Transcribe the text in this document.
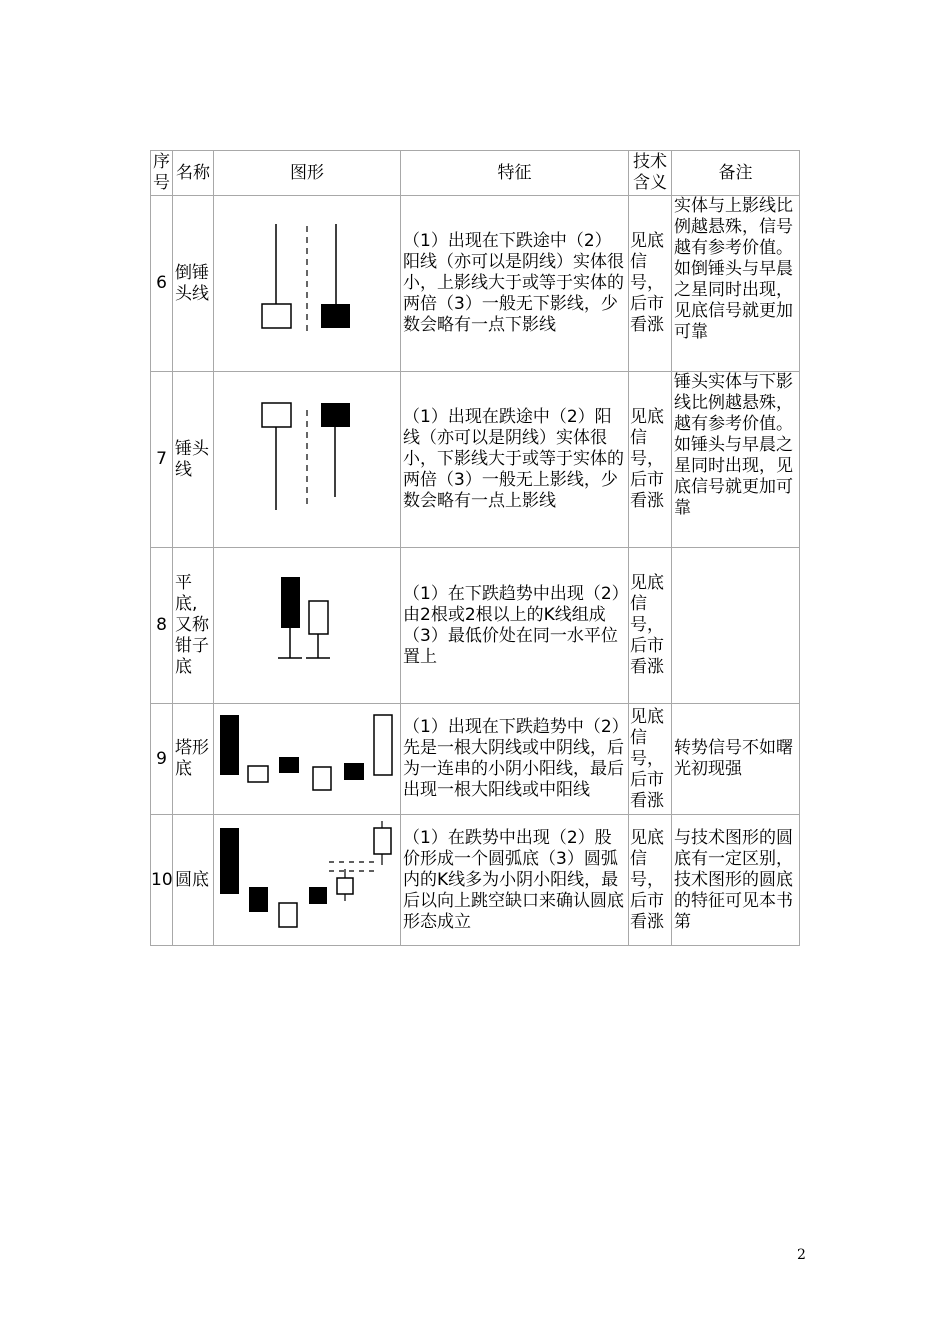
序号	名称	图形	特征	技术含义	备注
6	倒锤头线		（1）出现在下跌途中（2）阳线（亦可以是阴线）实体很小，上影线大于或等于实体的两倍（3）一般无下影线，少数会略有一点下影线	见底信号，后市看涨	实体与上影线比例越悬殊，信号越有参考价值。如倒锤头与早晨之星同时出现，见底信号就更加可靠
7	锤头线		（1）出现在跌途中（2）阳线（亦可以是阴线）实体很小，下影线大于或等于实体的两倍（3）一般无上影线，少数会略有一点上影线	见底信号，后市看涨	锤头实体与下影线比例越悬殊，越有参考价值。如锤头与早晨之星同时出现，见底信号就更加可靠
8	平底,又称钳子底		（1）在下跌趋势中出现（2）由2根或2根以上的K线组成（3）最低价处在同一水平位置上	见底信号，后市看涨	
9	塔形底		（1）出现在下跌趋势中（2）先是一根大阴线或中阴线，后为一连串的小阴小阳线，最后出现一根大阳线或中阳线	见底信号，后市看涨	转势信号不如曙光初现强
10	圆底		（1）在跌势中出现（2）股价形成一个圆弧底（3）圆弧内的K线多为小阴小阳线，最后以向上跳空缺口来确认圆底形态成立	见底信号，后市看涨	与技术图形的圆底有一定区别，技术图形的圆底的特征可见本书第
2
